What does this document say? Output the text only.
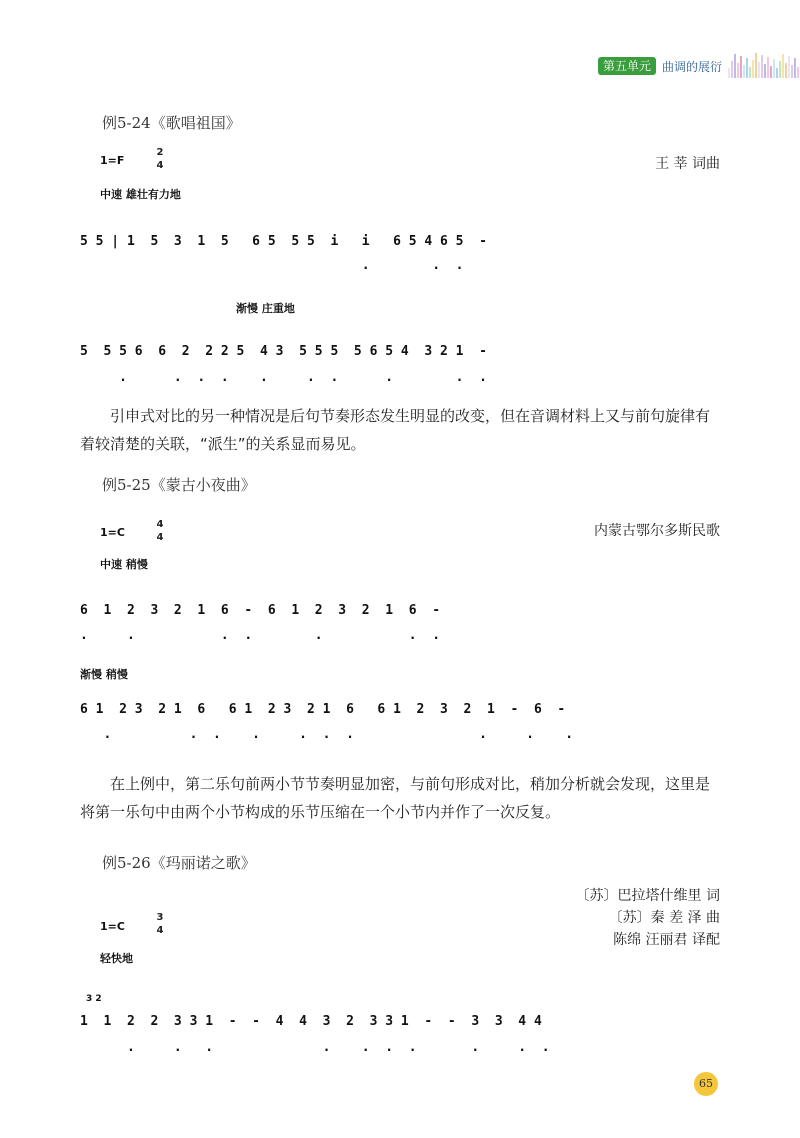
第五单元 曲调的展衍
例5-24《歌唱祖国》
王 莘 词曲
1=F
2
4
中速 雄壮有力地
5 5 | 1  5  3  1  5   6 5  5 5  i   i   6 5 4 6 5  -
.        .  .
渐慢 庄重地
5  5 5 6  6  2  2 2 5  4 3  5 5 5  5 6 5 4  3 2 1  -
.      .  .  .    .     .  .      .        .  .
引申式对比的另一种情况是后句节奏形态发生明显的改变，但在音调材料上又与前句旋律有着较清楚的关联，“派生”的关系显而易见。
例5-25《蒙古小夜曲》
内蒙古鄂尔多斯民歌
1=C
4
4
中速 稍慢
6  1  2  3  2  1  6  -  6  1  2  3  2  1  6  -
.     .           .  .        .           .  .
渐慢 稍慢
6 1  2 3  2 1  6   6 1  2 3  2 1  6   6 1  2  3  2  1  -  6  -
.          .  .    .     .  .  .                .     .    .
在上例中，第二乐句前两小节节奏明显加密，与前句形成对比，稍加分析就会发现，这里是将第一乐句中由两个小节构成的乐节压缩在一个小节内并作了一次反复。
例5-26《玛丽诺之歌》
〔苏〕巴拉塔什维里 词
〔苏〕秦 差 泽 曲
陈绵 汪丽君 译配
1=C
3
4
轻快地
3 2
1  1  2  2  3 3 1  -  -  4  4  3  2  3 3 1  -  -  3  3  4 4
.     .   .              .    .  .  .       .     .  .
65
